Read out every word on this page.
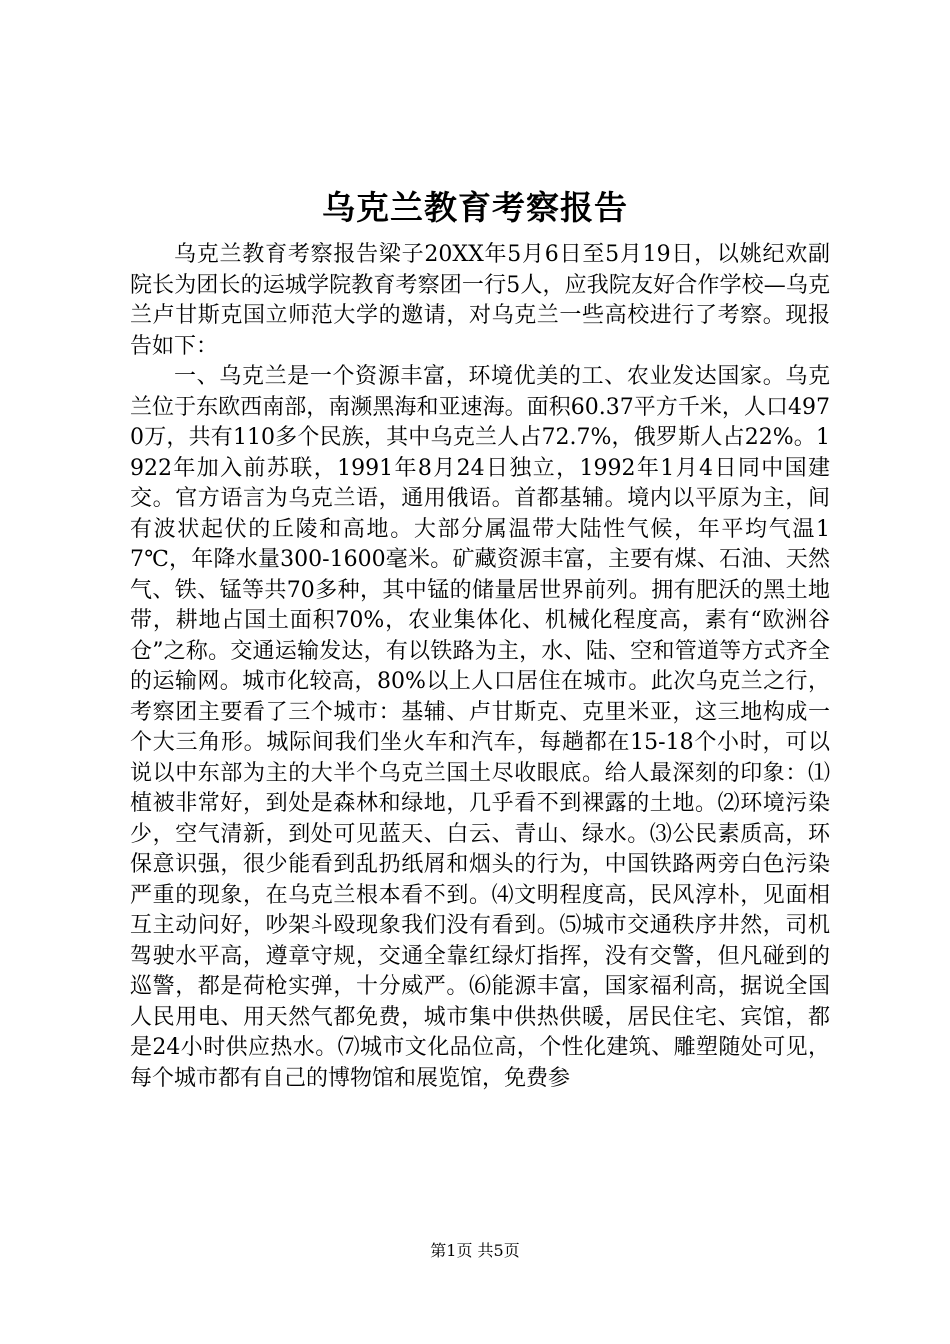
乌克兰教育考察报告

乌克兰教育考察报告梁子20XX年5月6日至5月19日，以姚纪欢副院长为团长的运城学院教育考察团一行5人，应我院友好合作学校—乌克兰卢甘斯克国立师范大学的邀请，对乌克兰一些高校进行了考察。现报告如下：

一、乌克兰是一个资源丰富，环境优美的工、农业发达国家。乌克兰位于东欧西南部，南濒黑海和亚速海。面积60.37平方千米，人口4970万，共有110多个民族，其中乌克兰人占72.7%，俄罗斯人占22%。1922年加入前苏联，1991年8月24日独立，1992年1月4日同中国建交。官方语言为乌克兰语，通用俄语。首都基辅。境内以平原为主，间有波状起伏的丘陵和高地。大部分属温带大陆性气候，年平均气温17℃，年降水量300-1600毫米。矿藏资源丰富，主要有煤、石油、天然气、铁、锰等共70多种，其中锰的储量居世界前列。拥有肥沃的黑土地带，耕地占国土面积70%，农业集体化、机械化程度高，素有“欧洲谷仓”之称。交通运输发达，有以铁路为主，水、陆、空和管道等方式齐全的运输网。城市化较高，80%以上人口居住在城市。此次乌克兰之行，考察团主要看了三个城市：基辅、卢甘斯克、克里米亚，这三地构成一个大三角形。城际间我们坐火车和汽车，每趟都在15-18个小时，可以说以中东部为主的大半个乌克兰国土尽收眼底。给人最深刻的印象：⑴植被非常好，到处是森林和绿地，几乎看不到裸露的土地。⑵环境污染少，空气清新，到处可见蓝天、白云、青山、绿水。⑶公民素质高，环保意识强，很少能看到乱扔纸屑和烟头的行为，中国铁路两旁白色污染严重的现象，在乌克兰根本看不到。⑷文明程度高，民风淳朴，见面相互主动问好，吵架斗殴现象我们没有看到。⑸城市交通秩序井然，司机驾驶水平高，遵章守规，交通全靠红绿灯指挥，没有交警，但凡碰到的巡警，都是荷枪实弹，十分威严。⑹能源丰富，国家福利高，据说全国人民用电、用天然气都免费，城市集中供热供暖，居民住宅、宾馆，都是24小时供应热水。⑺城市文化品位高，个性化建筑、雕塑随处可见，每个城市都有自己的博物馆和展览馆，免费参

第1页 共5页
